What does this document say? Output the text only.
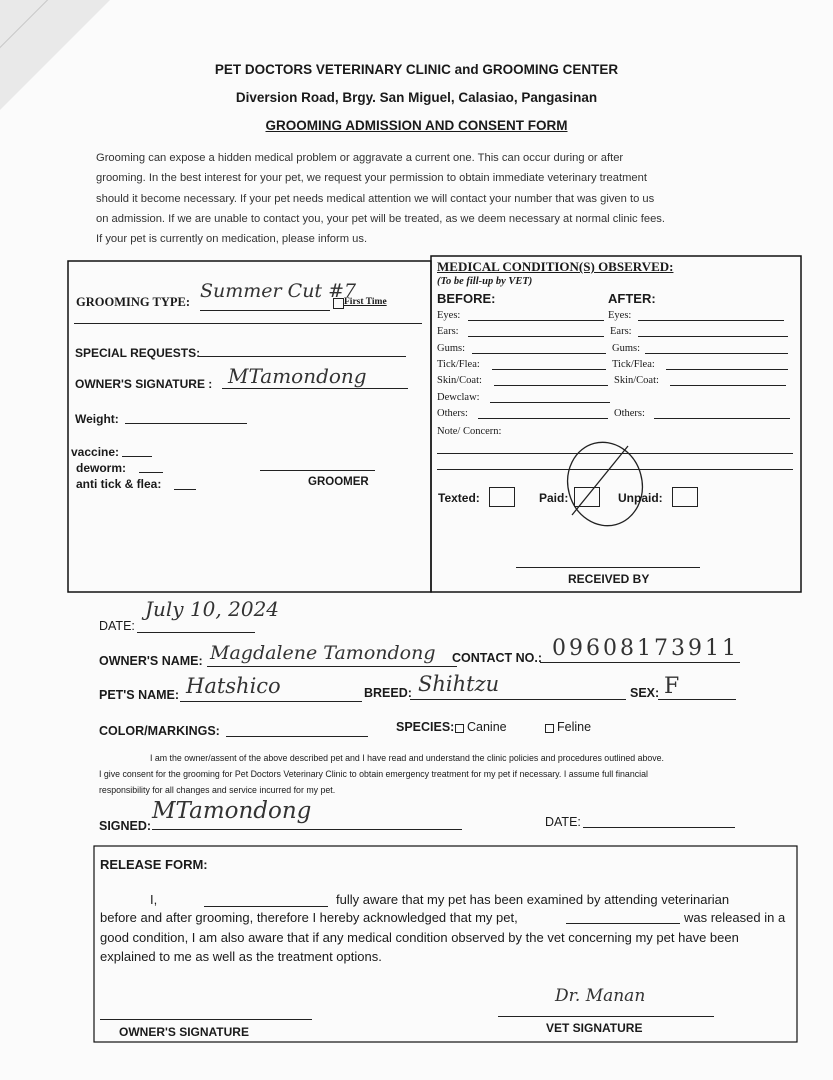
PET DOCTORS VETERINARY CLINIC and GROOMING CENTER
Diversion Road, Brgy. San Miguel, Calasiao, Pangasinan
GROOMING ADMISSION AND CONSENT FORM
Grooming can expose a hidden medical problem or aggravate a current one. This can occur during or after
grooming. In the best interest for your pet, we request your permission to obtain immediate veterinary treatment
should it become necessary. If your pet needs medical attention we will contact your number that was given to us
on admission. If we are unable to contact you, your pet will be treated, as we deem necessary at normal clinic fees.
If your pet is currently on medication, please inform us.
GROOMING TYPE: Summer Cut #7
First Time
SPECIAL REQUESTS:
OWNER'S SIGNATURE : MTamondong
Weight:
vaccine:
deworm:
anti tick & flea:	GROOMER
MEDICAL CONDITION(S) OBSERVED:
(To be fill-up by VET)
BEFORE:	AFTER:
Eyes:	Eyes:
Ears:	Ears:
Gums:	Gums:
Tick/Flea:	Tick/Flea:
Skin/Coat:	Skin/Coat:
Dewclaw:
Others:	Others:
Note/ Concern:
Texted:	Paid:	Unpaid:
RECEIVED BY
DATE:
July 10, 2024
OWNER'S NAME: Magdalene Tamondong CONTACT NO.: 09608173911
PET'S NAME: Hatshico	BREED: Shihtzu	SEX: F
COLOR/MARKINGS:	SPECIES: Canine	Feline
I am the owner/assent of the above described pet and I have read and understand the clinic policies and procedures outlined above.
I give consent for the grooming for Pet Doctors Veterinary Clinic to obtain emergency treatment for my pet if necessary. I assume full financial
responsibility for all changes and service incurred for my pet.
SIGNED:
MTamondong	DATE:
RELEASE FORM:
I,	fully aware that my pet has been examined by attending veterinarian
before and after grooming, therefore I hereby acknowledged that my pet,	was released in a
good condition, I am also aware that if any medical condition observed by the vet concerning my pet have been
explained to me as well as the treatment options.
OWNER'S SIGNATURE
Dr. Manan
VET SIGNATURE
